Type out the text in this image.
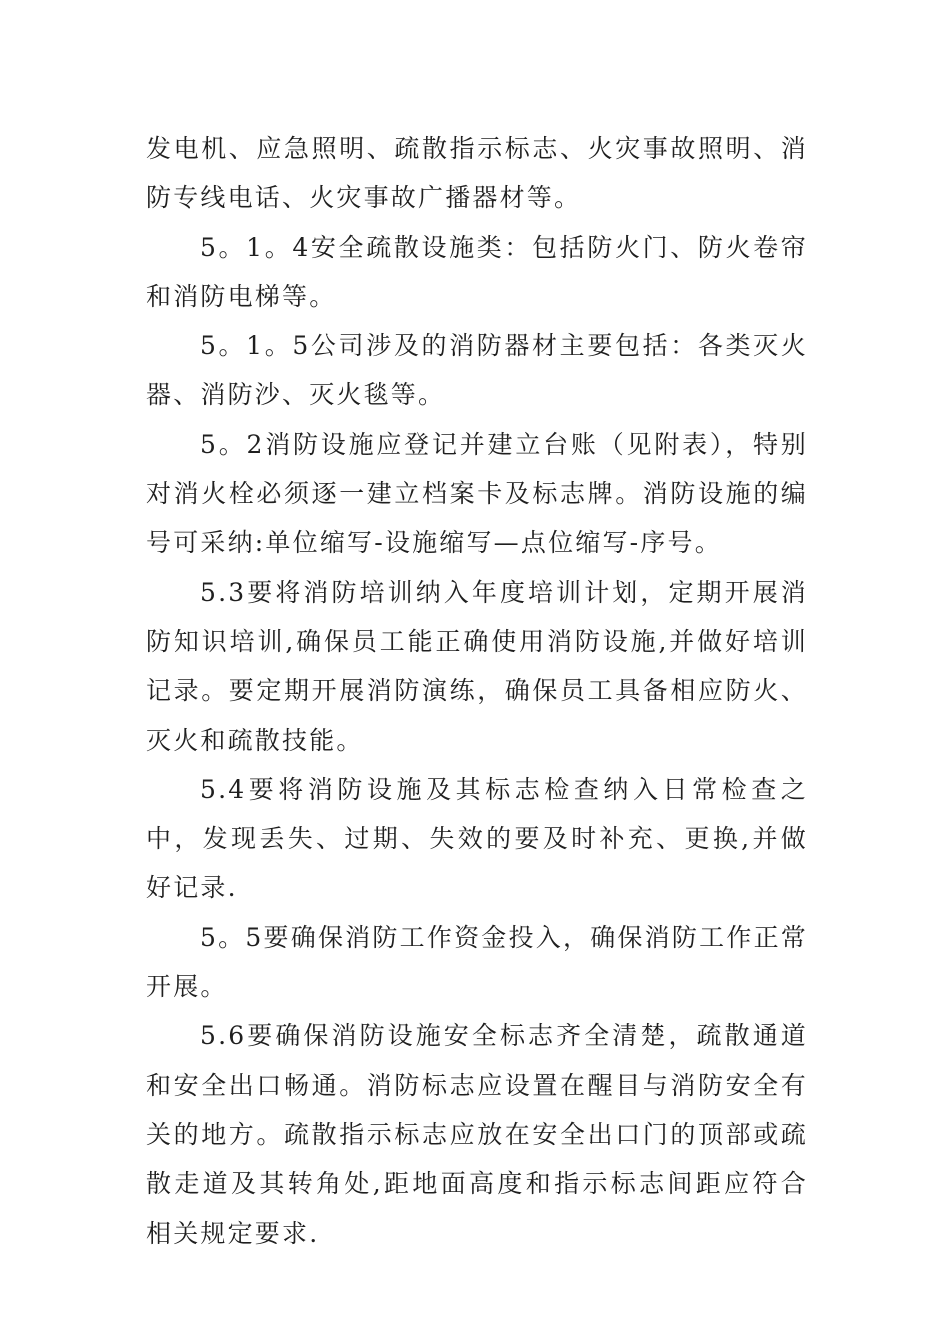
发电机、应急照明、疏散指示标志、火灾事故照明、消防专线电话、火灾事故广播器材等。

5。1。4安全疏散设施类：包括防火门、防火卷帘和消防电梯等。

5。1。5公司涉及的消防器材主要包括：各类灭火器、消防沙、灭火毯等。

5。2消防设施应登记并建立台账（见附表），特别对消火栓必须逐一建立档案卡及标志牌。消防设施的编号可采纳:单位缩写-设施缩写—点位缩写-序号。

5.3要将消防培训纳入年度培训计划，定期开展消防知识培训,确保员工能正确使用消防设施,并做好培训记录。要定期开展消防演练，确保员工具备相应防火、灭火和疏散技能。

5.4要将消防设施及其标志检查纳入日常检查之中，发现丢失、过期、失效的要及时补充、更换,并做好记录.

5。5要确保消防工作资金投入，确保消防工作正常开展。

5.6要确保消防设施安全标志齐全清楚，疏散通道和安全出口畅通。消防标志应设置在醒目与消防安全有关的地方。疏散指示标志应放在安全出口门的顶部或疏散走道及其转角处,距地面高度和指示标志间距应符合相关规定要求.
